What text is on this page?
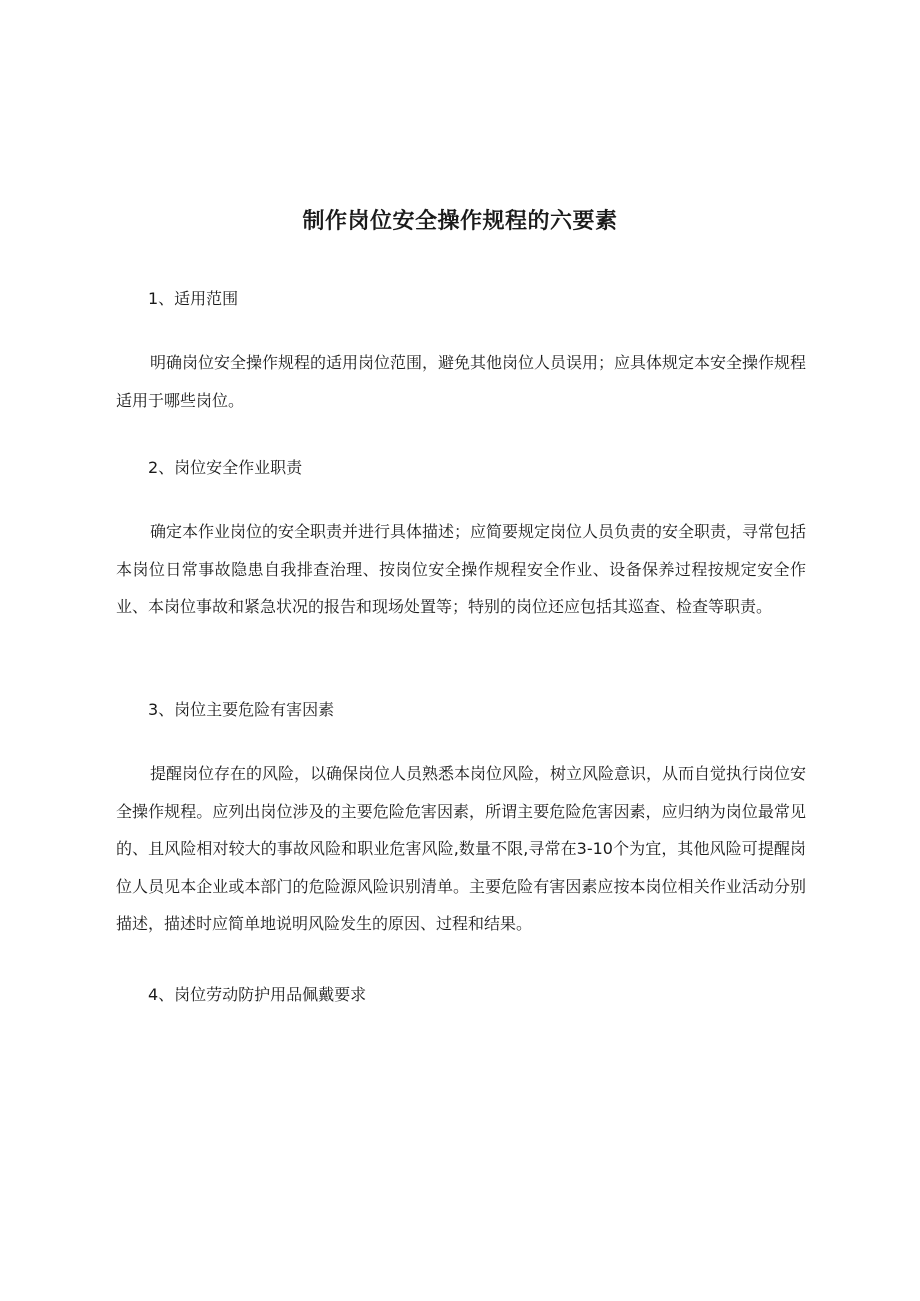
制作岗位安全操作规程的六要素

1、适用范围

明确岗位安全操作规程的适用岗位范围，避免其他岗位人员误用；应具体规定本安全操作规程适用于哪些岗位。

2、岗位安全作业职责

确定本作业岗位的安全职责并进行具体描述；应简要规定岗位人员负责的安全职责，寻常包括本岗位日常事故隐患自我排查治理、按岗位安全操作规程安全作业、设备保养过程按规定安全作业、本岗位事故和紧急状况的报告和现场处置等；特别的岗位还应包括其巡查、检查等职责。

3、岗位主要危险有害因素

提醒岗位存在的风险，以确保岗位人员熟悉本岗位风险，树立风险意识，从而自觉执行岗位安全操作规程。应列出岗位涉及的主要危险危害因素，所谓主要危险危害因素，应归纳为岗位最常见的、且风险相对较大的事故风险和职业危害风险,数量不限,寻常在3-10个为宜，其他风险可提醒岗位人员见本企业或本部门的危险源风险识别清单。主要危险有害因素应按本岗位相关作业活动分别描述，描述时应简单地说明风险发生的原因、过程和结果。

4、岗位劳动防护用品佩戴要求
